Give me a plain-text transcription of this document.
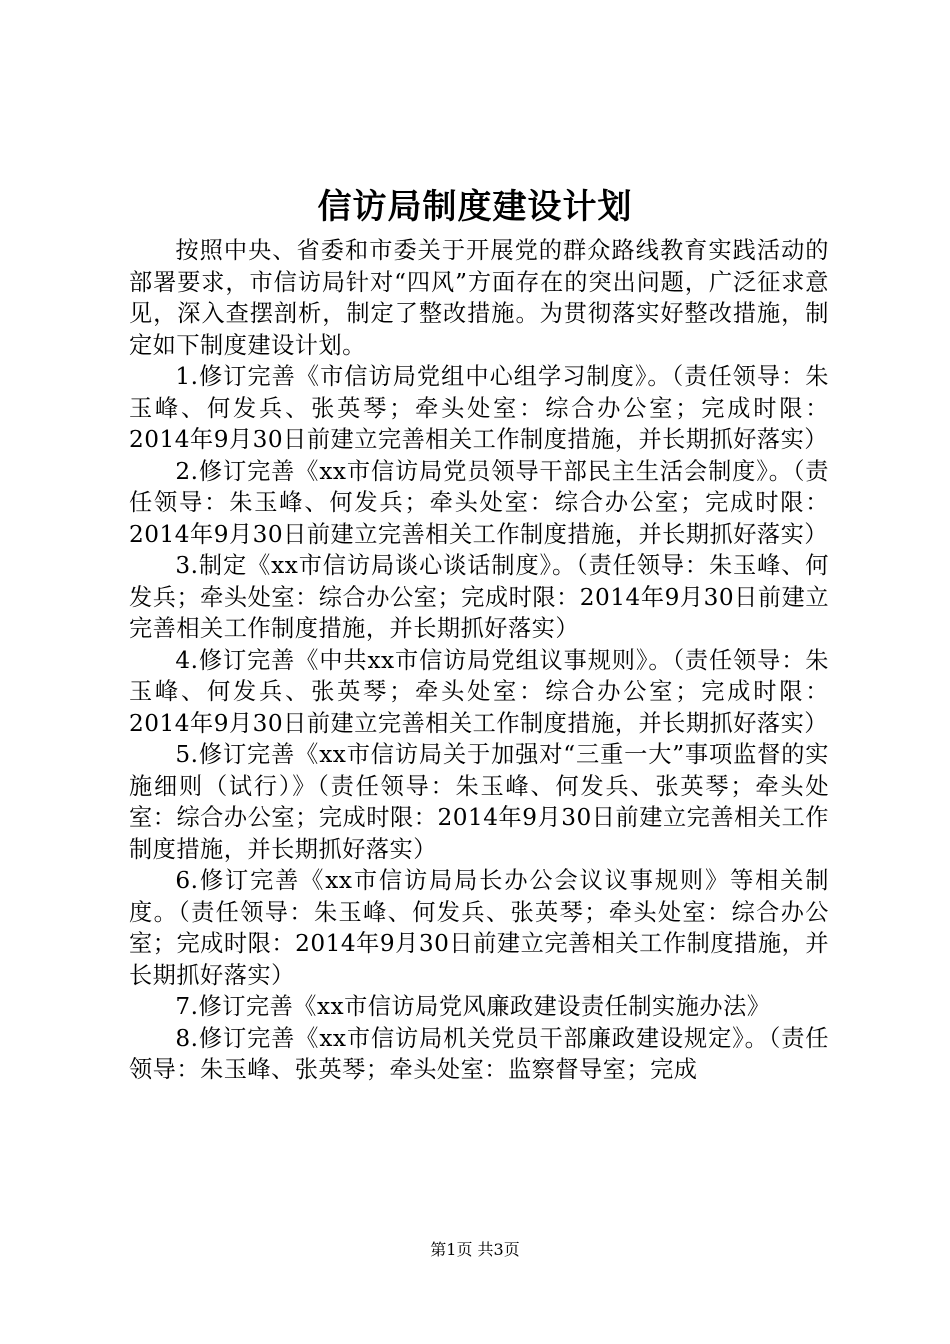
信访局制度建设计划

按照中央、省委和市委关于开展党的群众路线教育实践活动的部署要求，市信访局针对“四风”方面存在的突出问题，广泛征求意见，深入查摆剖析，制定了整改措施。为贯彻落实好整改措施，制定如下制度建设计划。

1.修订完善《市信访局党组中心组学习制度》。（责任领导：朱玉峰、何发兵、张英琴；牵头处室：综合办公室；完成时限：2014年9月30日前建立完善相关工作制度措施，并长期抓好落实）

2.修订完善《xx市信访局党员领导干部民主生活会制度》。（责任领导：朱玉峰、何发兵；牵头处室：综合办公室；完成时限：2014年9月30日前建立完善相关工作制度措施，并长期抓好落实）

3.制定《xx市信访局谈心谈话制度》。（责任领导：朱玉峰、何发兵；牵头处室：综合办公室；完成时限：2014年9月30日前建立完善相关工作制度措施，并长期抓好落实）

4.修订完善《中共xx市信访局党组议事规则》。（责任领导：朱玉峰、何发兵、张英琴；牵头处室：综合办公室；完成时限：2014年9月30日前建立完善相关工作制度措施，并长期抓好落实）

5.修订完善《xx市信访局关于加强对“三重一大”事项监督的实施细则（试行）》（责任领导：朱玉峰、何发兵、张英琴；牵头处室：综合办公室；完成时限：2014年9月30日前建立完善相关工作制度措施，并长期抓好落实）

6.修订完善《xx市信访局局长办公会议议事规则》等相关制度。（责任领导：朱玉峰、何发兵、张英琴；牵头处室：综合办公室；完成时限：2014年9月30日前建立完善相关工作制度措施，并长期抓好落实）

7.修订完善《xx市信访局党风廉政建设责任制实施办法》

8.修订完善《xx市信访局机关党员干部廉政建设规定》。（责任领导：朱玉峰、张英琴；牵头处室：监察督导室；完成

第1页 共3页
